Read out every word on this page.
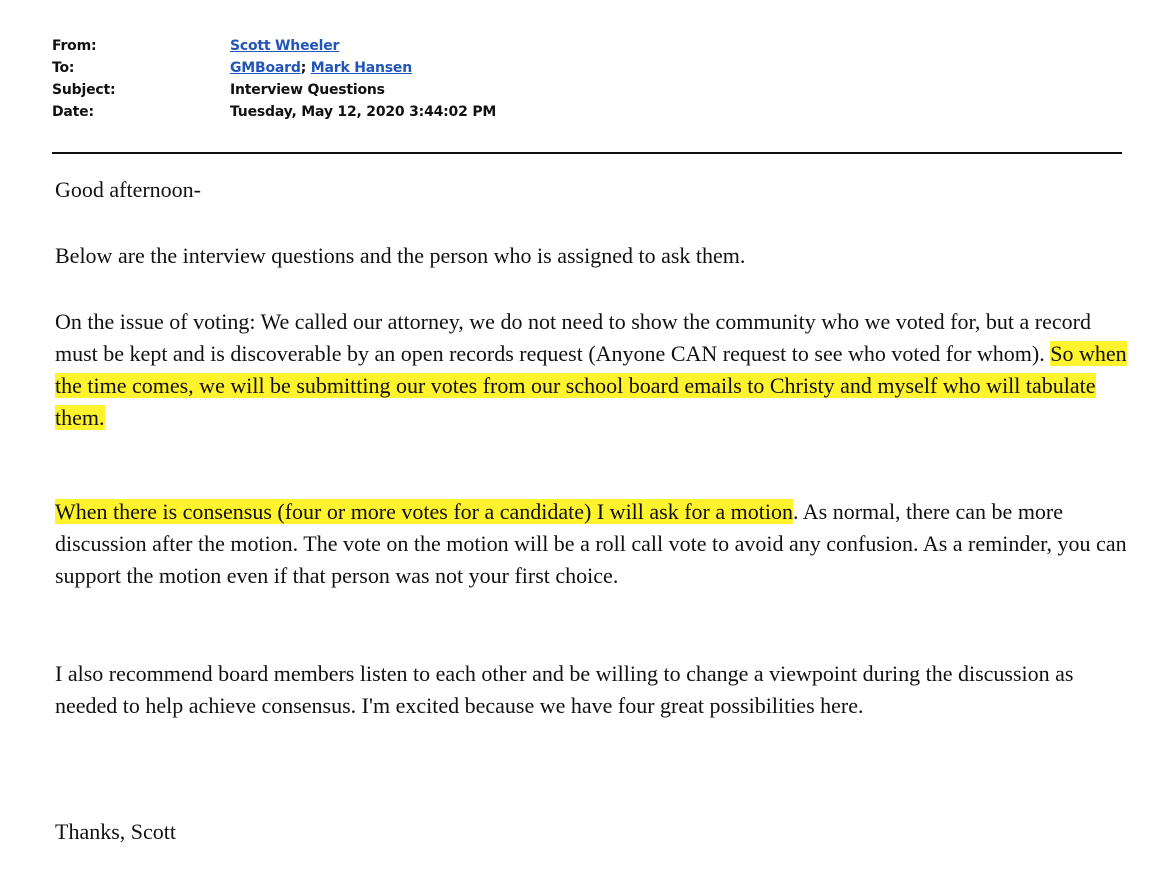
From:	Scott Wheeler
To:	GMBoard; Mark Hansen
Subject:	Interview Questions
Date:	Tuesday, May 12, 2020 3:44:02 PM

Good afternoon-

Below are the interview questions and the person who is assigned to ask them.

On the issue of voting: We called our attorney, we do not need to show the community who we voted for, but a record must be kept and is discoverable by an open records request (Anyone CAN request to see who voted for whom). So when the time comes, we will be submitting our votes from our school board emails to Christy and myself who will tabulate them.

When there is consensus (four or more votes for a candidate) I will ask for a motion. As normal, there can be more discussion after the motion. The vote on the motion will be a roll call vote to avoid any confusion. As a reminder, you can support the motion even if that person was not your first choice.

I also recommend board members listen to each other and be willing to change a viewpoint during the discussion as needed to help achieve consensus. I'm excited because we have four great possibilities here.

Thanks, Scott
